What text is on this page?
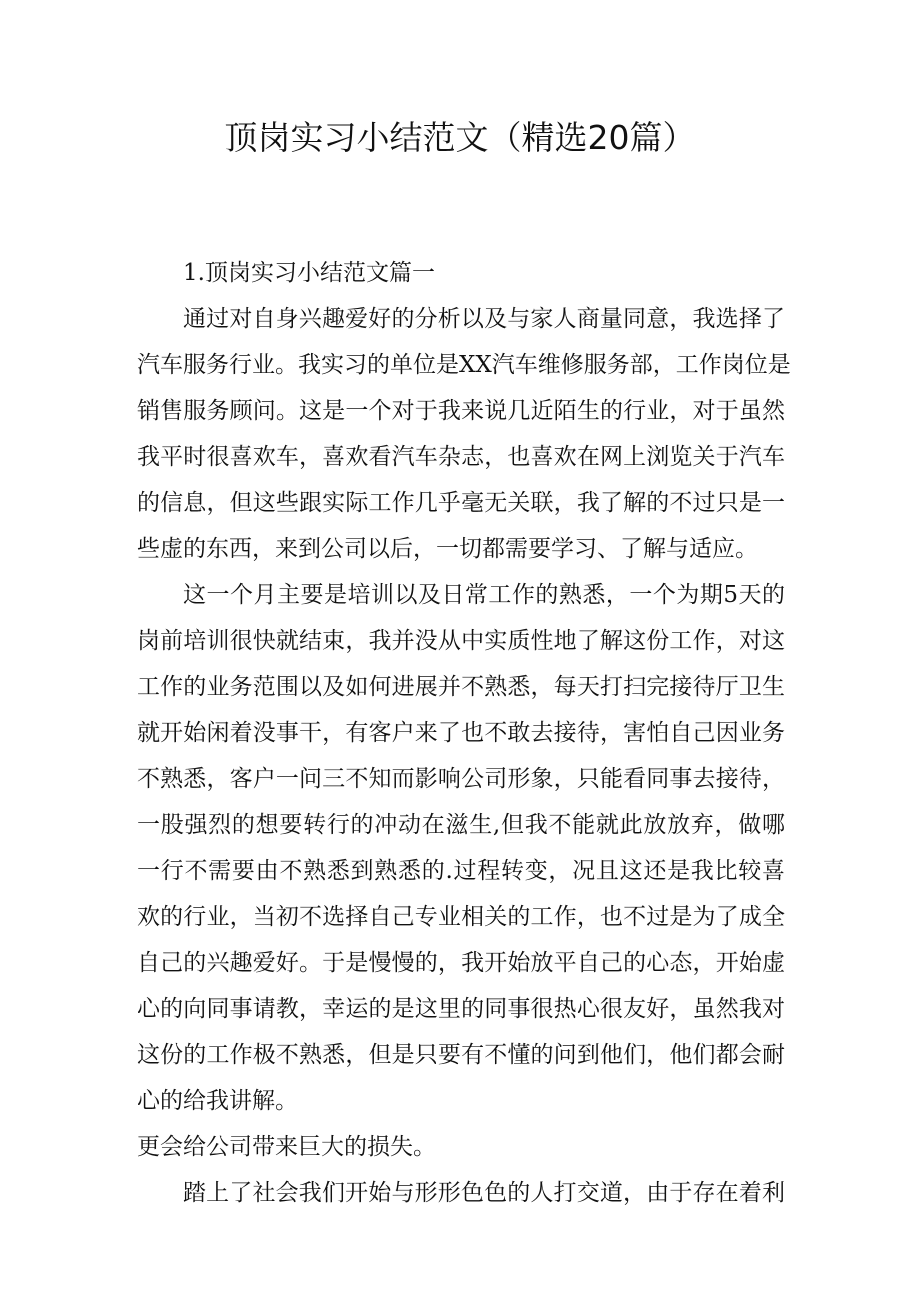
顶岗实习小结范文（精选20篇）
1.顶岗实习小结范文篇一
通过对自身兴趣爱好的分析以及与家人商量同意，我选择了
汽车服务行业。我实习的单位是XX汽车维修服务部，工作岗位是
销售服务顾问。这是一个对于我来说几近陌生的行业，对于虽然
我平时很喜欢车，喜欢看汽车杂志，也喜欢在网上浏览关于汽车
的信息，但这些跟实际工作几乎毫无关联，我了解的不过只是一
些虚的东西，来到公司以后，一切都需要学习、了解与适应。
这一个月主要是培训以及日常工作的熟悉，一个为期5天的
岗前培训很快就结束，我并没从中实质性地了解这份工作，对这
工作的业务范围以及如何进展并不熟悉，每天打扫完接待厅卫生
就开始闲着没事干，有客户来了也不敢去接待，害怕自己因业务
不熟悉，客户一问三不知而影响公司形象，只能看同事去接待，
一股强烈的想要转行的冲动在滋生,但我不能就此放放弃，做哪
一行不需要由不熟悉到熟悉的.过程转变，况且这还是我比较喜
欢的行业，当初不选择自己专业相关的工作，也不过是为了成全
自己的兴趣爱好。于是慢慢的，我开始放平自己的心态，开始虚
心的向同事请教，幸运的是这里的同事很热心很友好，虽然我对
这份的工作极不熟悉，但是只要有不懂的问到他们，他们都会耐
心的给我讲解。
更会给公司带来巨大的损失。
踏上了社会我们开始与形形色色的人打交道，由于存在着利
